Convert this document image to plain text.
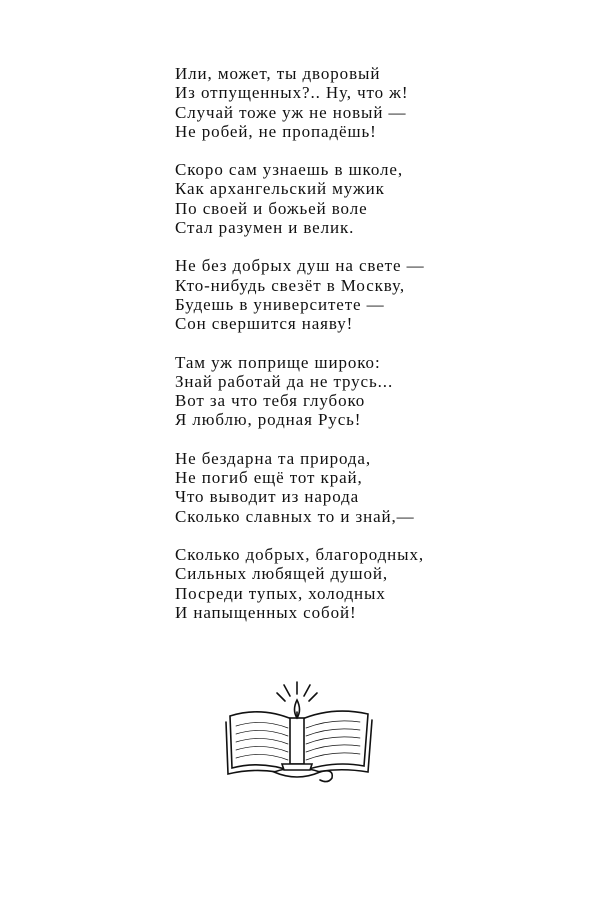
Или, может, ты дворовый
Из отпущенных?.. Ну, что ж!
Случай тоже уж не новый —
Не робей, не пропадёшь!
Скоро сам узнаешь в школе,
Как архангельский мужик
По своей и божьей воле
Стал разумен и велик.
Не без добрых душ на свете —
Кто-нибудь свезёт в Москву,
Будешь в университете —
Сон свершится наяву!
Там уж поприще широко:
Знай работай да не трусь...
Вот за что тебя глубоко
Я люблю, родная Русь!
Не бездарна та природа,
Не погиб ещё тот край,
Что выводит из народа
Сколько славных то и знай,—
Сколько добрых, благородных,
Сильных любящей душой,
Посреди тупых, холодных
И напыщенных собой!
